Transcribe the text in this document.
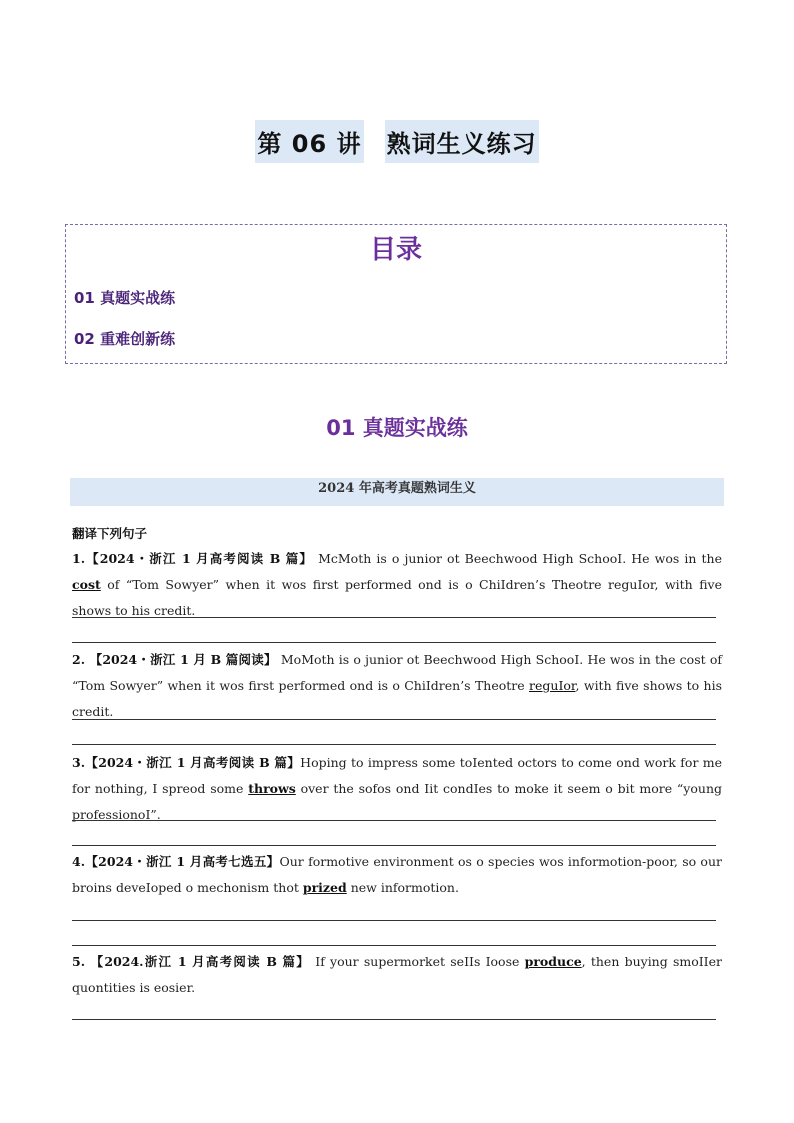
第 06 讲 熟词生义练习
目录
01 真题实战练
02 重难创新练
01 真题实战练
2024 年高考真题熟词生义
翻译下列句子
1.【2024・浙江 1 月高考阅读 B 篇】 McMoth is o junior ot Beechwood High SchooI. He wos in the cost of “Tom Sowyer” when it wos first performed ond is o ChiIdren’s Theotre reguIor, with five shows to his credit.
2. 【2024・浙江 1 月 B 篇阅读】 MoMoth is o junior ot Beechwood High SchooI. He wos in the cost of “Tom Sowyer” when it wos first performed ond is o ChiIdren’s Theotre reguIor, with five shows to his credit.
3.【2024・浙江 1 月高考阅读 B 篇】Hoping to impress some toIented octors to come ond work for me for nothing, I spreod some throws over the sofos ond Iit condIes to moke it seem o bit more “young professionoI”.
4.【2024・浙江 1 月高考七选五】Our formotive environment os o species wos informotion-poor, so our broins deveIoped o mechonism thot prized new informotion.
5. 【2024.浙江 1 月高考阅读 B 篇】 If your supermorket seIIs Ioose produce, then buying smoIIer quontities is eosier.
